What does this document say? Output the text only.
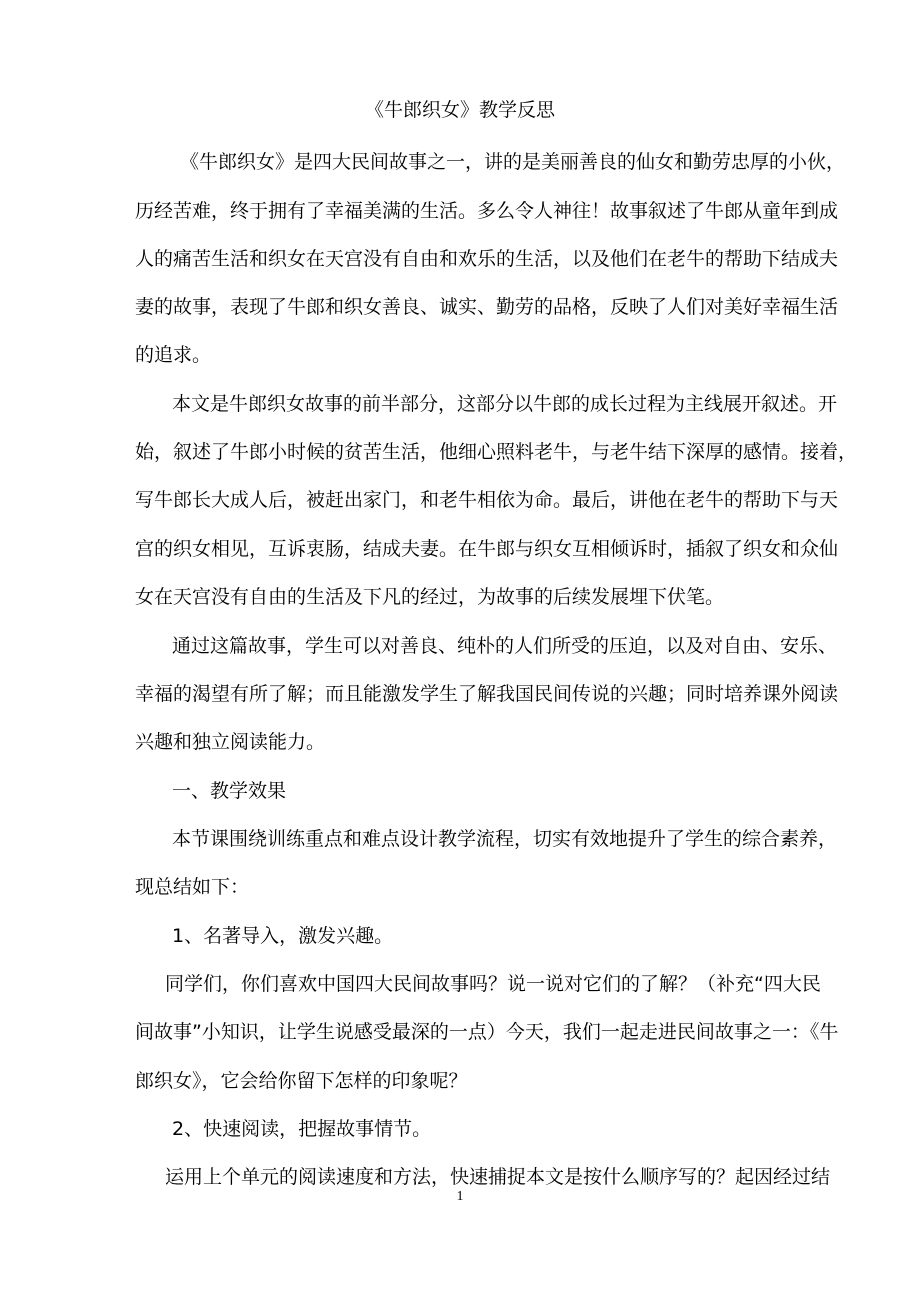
《牛郎织女》教学反思
《牛郎织女》是四大民间故事之一，讲的是美丽善良的仙女和勤劳忠厚的小伙，
历经苦难，终于拥有了幸福美满的生活。多么令人神往！故事叙述了牛郎从童年到成
人的痛苦生活和织女在天宫没有自由和欢乐的生活，以及他们在老牛的帮助下结成夫
妻的故事，表现了牛郎和织女善良、诚实、勤劳的品格，反映了人们对美好幸福生活
的追求。
本文是牛郎织女故事的前半部分，这部分以牛郎的成长过程为主线展开叙述。开
始，叙述了牛郎小时候的贫苦生活，他细心照料老牛，与老牛结下深厚的感情。接着，
写牛郎长大成人后，被赶出家门，和老牛相依为命。最后，讲他在老牛的帮助下与天
宫的织女相见，互诉衷肠，结成夫妻。在牛郎与织女互相倾诉时，插叙了织女和众仙
女在天宫没有自由的生活及下凡的经过，为故事的后续发展埋下伏笔。
通过这篇故事，学生可以对善良、纯朴的人们所受的压迫，以及对自由、安乐、
幸福的渴望有所了解；而且能激发学生了解我国民间传说的兴趣；同时培养课外阅读
兴趣和独立阅读能力。
一、教学效果
本节课围绕训练重点和难点设计教学流程，切实有效地提升了学生的综合素养，
现总结如下：
1、名著导入，激发兴趣。
同学们，你们喜欢中国四大民间故事吗？说一说对它们的了解？（补充“四大民
间故事”小知识，让学生说感受最深的一点）今天，我们一起走进民间故事之一：《牛
郎织女》，它会给你留下怎样的印象呢？
2、快速阅读，把握故事情节。
运用上个单元的阅读速度和方法，快速捕捉本文是按什么顺序写的？起因经过结
1
